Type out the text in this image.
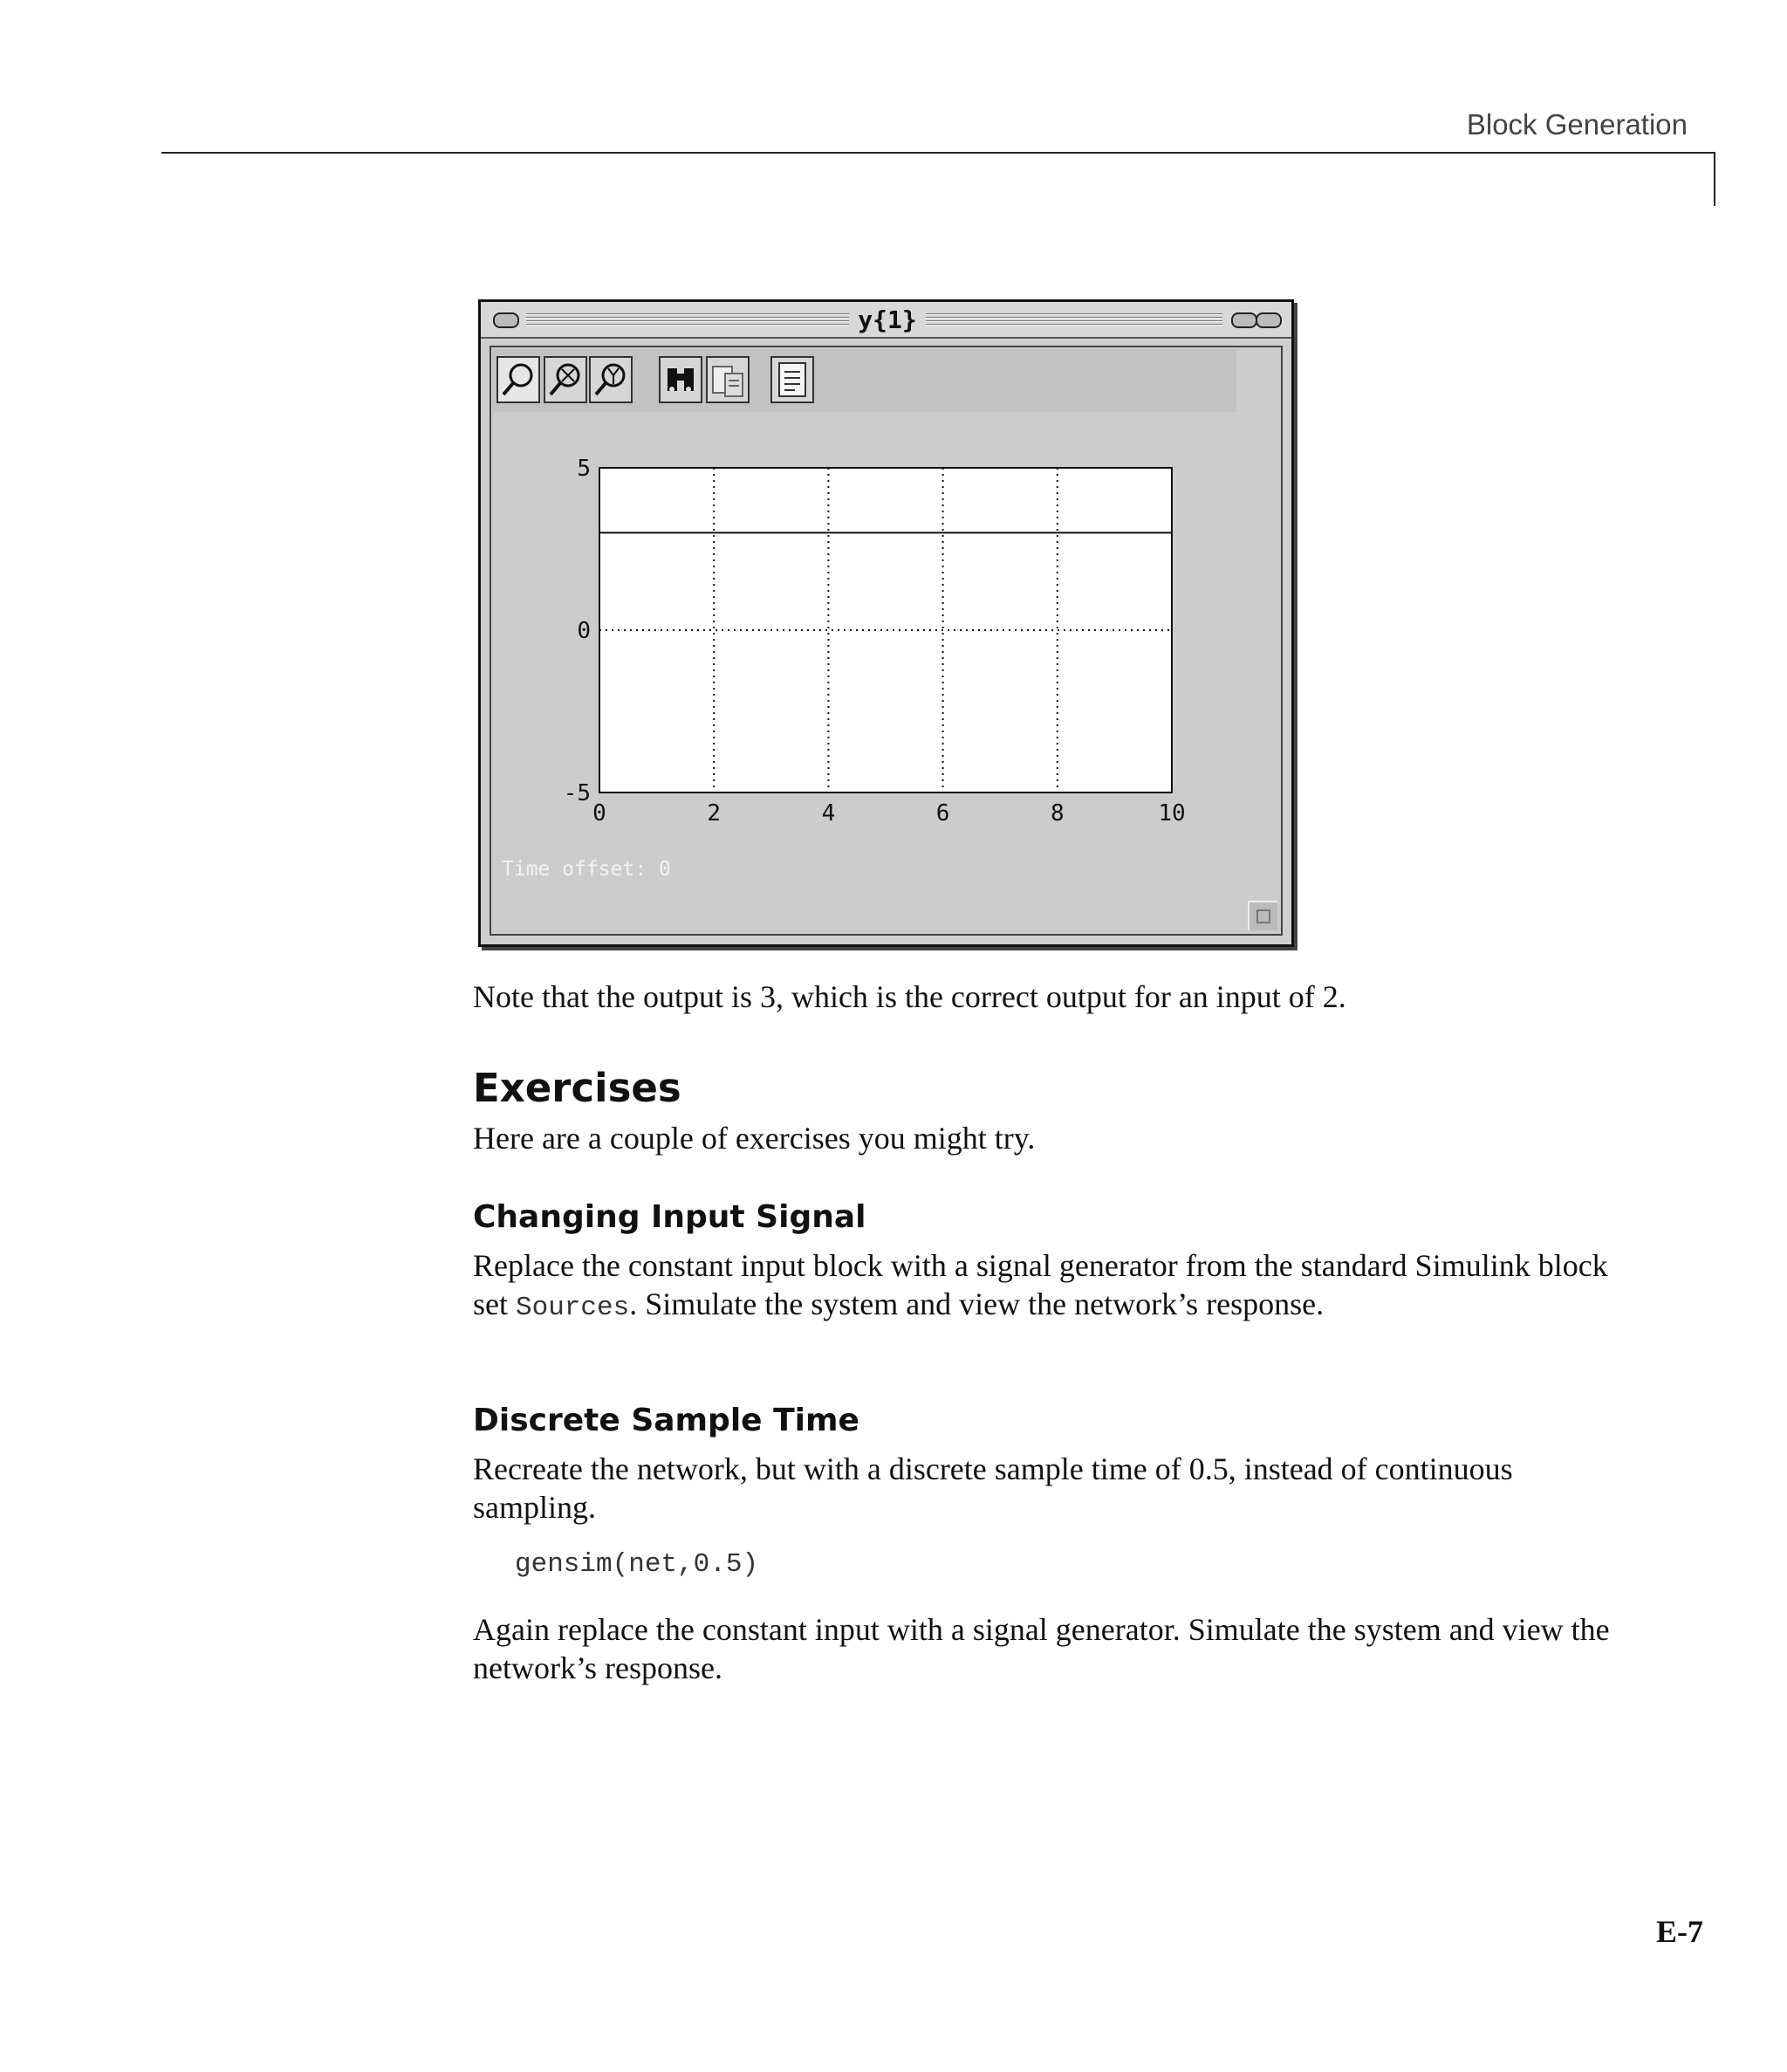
Block Generation
y{1}
0	2	4	6	8	10
-5
0
5
Time offset: 0
Note that the output is 3, which is the correct output for an input of 2.
Exercises
Here are a couple of exercises you might try.
Changing Input Signal
Replace the constant input block with a signal generator from the standard Simulink block set Sources. Simulate the system and view the network’s response.
Discrete Sample Time
Recreate the network, but with a discrete sample time of 0.5, instead of continuous sampling.
gensim(net,0.5)
Again replace the constant input with a signal generator. Simulate the system and view the network’s response.
E-7
